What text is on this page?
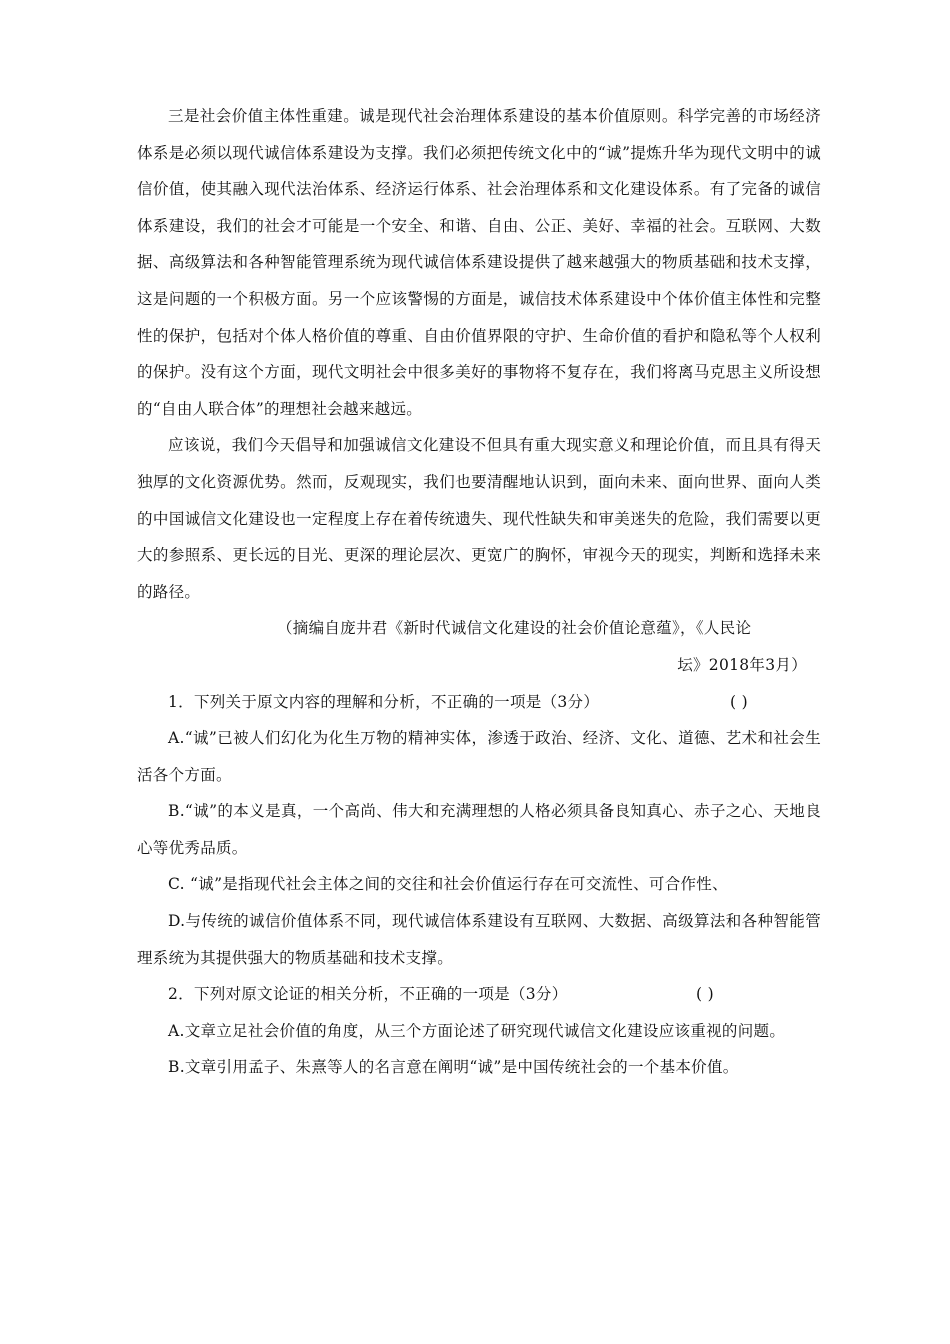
三是社会价值主体性重建。诚是现代社会治理体系建设的基本价值原则。科学完善的市场经济体系是必须以现代诚信体系建设为支撑。我们必须把传统文化中的“诚”提炼升华为现代文明中的诚信价值，使其融入现代法治体系、经济运行体系、社会治理体系和文化建设体系。有了完备的诚信体系建设，我们的社会才可能是一个安全、和谐、自由、公正、美好、幸福的社会。互联网、大数据、高级算法和各种智能管理系统为现代诚信体系建设提供了越来越强大的物质基础和技术支撑，这是问题的一个积极方面。另一个应该警惕的方面是，诚信技术体系建设中个体价值主体性和完整性的保护，包括对个体人格价值的尊重、自由价值界限的守护、生命价值的看护和隐私等个人权利的保护。没有这个方面，现代文明社会中很多美好的事物将不复存在，我们将离马克思主义所设想的“自由人联合体”的理想社会越来越远。

应该说，我们今天倡导和加强诚信文化建设不但具有重大现实意义和理论价值，而且具有得天独厚的文化资源优势。然而，反观现实，我们也要清醒地认识到，面向未来、面向世界、面向人类的中国诚信文化建设也一定程度上存在着传统遗失、现代性缺失和审美迷失的危险，我们需要以更大的参照系、更长远的目光、更深的理论层次、更宽广的胸怀，审视今天的现实，判断和选择未来的路径。

（摘编自庞井君《新时代诚信文化建设的社会价值论意蕴》，《人民论

坛》2018年3月）

1．下列关于原文内容的理解和分析，不正确的一项是（3分）	( )

A.“诚”已被人们幻化为化生万物的精神实体，渗透于政治、经济、文化、道德、艺术和社会生活各个方面。

B.“诚”的本义是真，一个高尚、伟大和充满理想的人格必须具备良知真心、赤子之心、天地良心等优秀品质。

C. “诚”是指现代社会主体之间的交往和社会价值运行存在可交流性、可合作性、

D.与传统的诚信价值体系不同，现代诚信体系建设有互联网、大数据、高级算法和各种智能管理系统为其提供强大的物质基础和技术支撑。

2．下列对原文论证的相关分析，不正确的一项是（3分）	( )

A.文章立足社会价值的角度，从三个方面论述了研究现代诚信文化建设应该重视的问题。

B.文章引用孟子、朱熹等人的名言意在阐明“诚”是中国传统社会的一个基本价值。
